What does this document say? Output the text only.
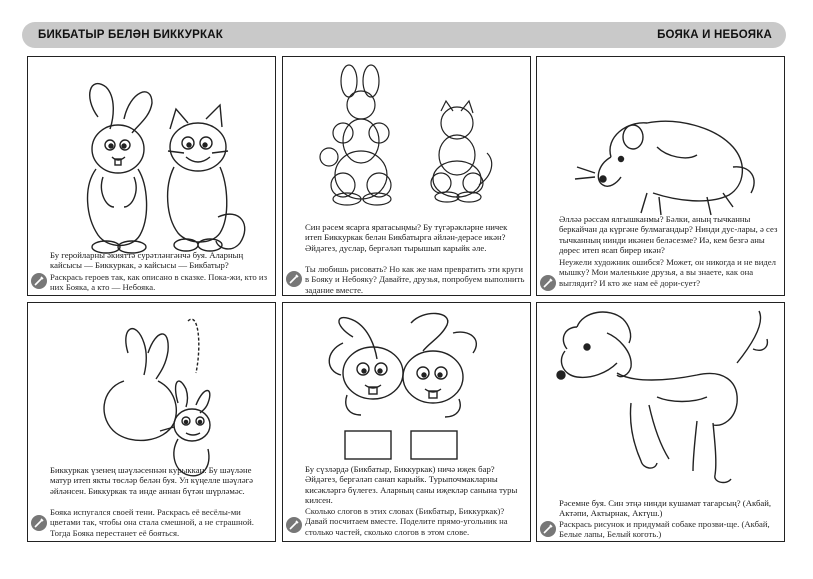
БИКБАТЫР БЕЛӘН БИККУРКАК	БОЯКА И НЕБОЯКА
Бу геройларны әкияттә сурәтләнгәнчә буя. Аларның кайсысы — Биккуркак, ә кайсысы — Бикбатыр?
Раскрась героев так, как описано в сказке. Пока-жи, кто из них Бояка, а кто — Небояка.
Син рәсем ясарга яратасыңмы? Бу түгәрәкләрне ничек итеп Биккуркак белән Бикбатырга әйлән-дерәсе икән? Әйдәгез, дуслар, бергәләп тырышып карыйк әле.
Ты любишь рисовать? Но как же нам превратить эти круги в Бояку и Небояку? Давайте, друзья, попробуем выполнить задание вместе.
Әлләә рәссам ялгышканмы? Бәлки, аның тычканны беркайчан да күргәне булмагандыр? Нинди дус-лары, ә сез тычканның нинди икәнен беләсезме? Иә, кем безгә аны дөрес итеп ясап бирер икән?
Неужели художник ошибся? Может, он никогда и не видел мышку? Мои маленькие друзья, а вы знаете, как она выглядит? И кто же нам её дори-сует?
Биккуркак үзенең шәүләсеннән курыккан. Бу шәүләне матур итеп якты төсләр белән буя. Ул күңелле шәүләгә әйләнсен. Биккуркак та инде аннан бүтән шүрләмәс.
Бояка испугался своей тени. Раскрась её весёлы-ми цветами так, чтобы она стала смешной, а не страшной. Тогда Бояка перестанет её бояться.
Бу сүзләрдә (Бикбатыр, Биккуркак) ничә иҗек бар? Әйдәгез, бергәләп санап карыйк. Турыпочмакларны кисәкләргә бүлегез. Аларның саны иҗекләр санына туры килсен.
Сколько слогов в этих словах (Бикбатыр, Биккуркак)? Давай посчитаем вместе. Поделите прямо-угольник на столько частей, сколько слогов в этом слове.
Рәсемне буя. Син этңә нинди кушамат тагарсың? (Акбай, Актәпи, Актырнак, Актүш.)
Раскрась рисунок и придумай собаке прозви-ще. (Акбай, Белые лапы, Белый коготь.)
